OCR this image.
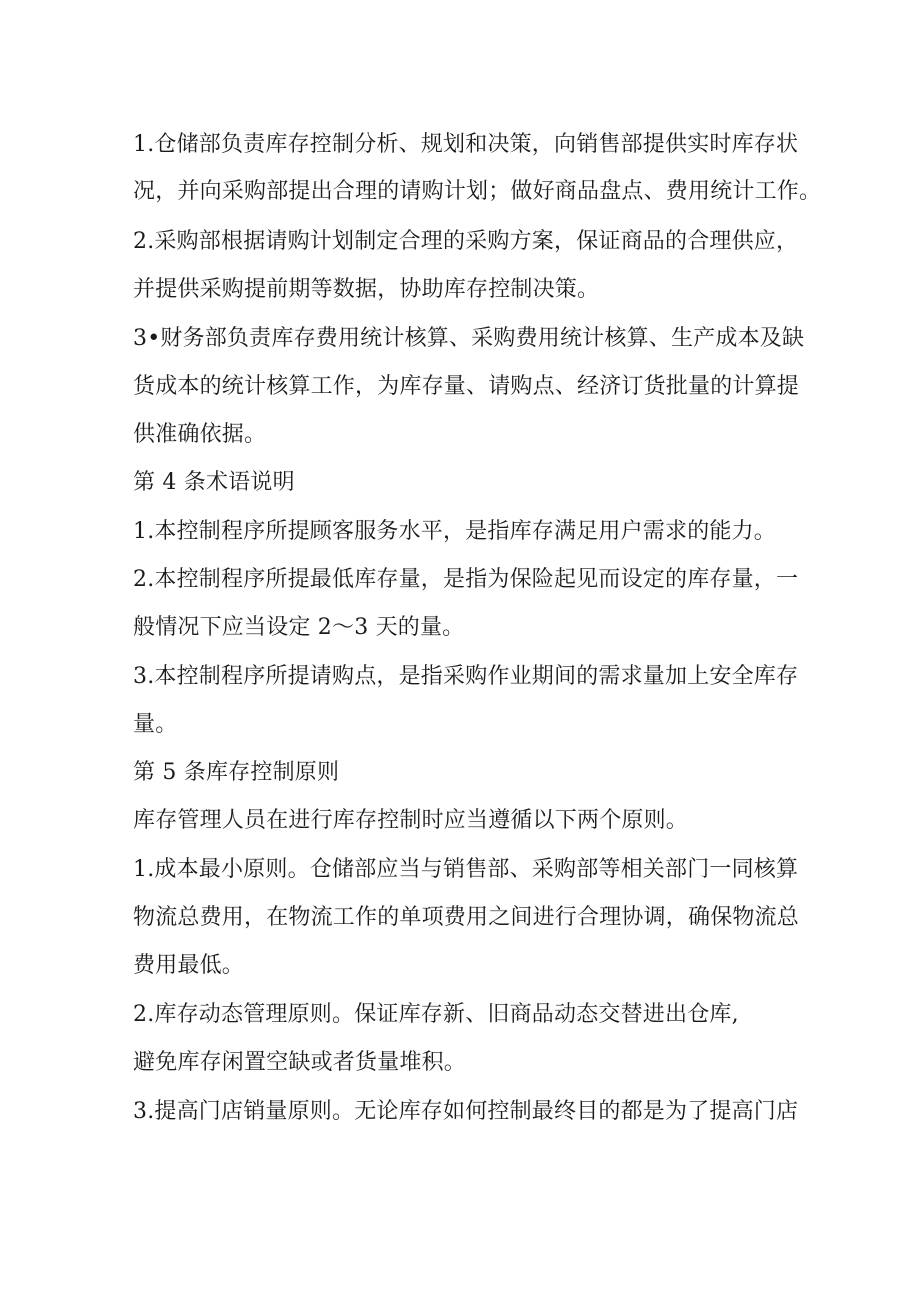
1.仓储部负责库存控制分析、规划和决策，向销售部提供实时库存状
况，并向采购部提出合理的请购计划；做好商品盘点、费用统计工作。
2.采购部根据请购计划制定合理的采购方案，保证商品的合理供应，
并提供采购提前期等数据，协助库存控制决策。
3•财务部负责库存费用统计核算、采购费用统计核算、生产成本及缺
货成本的统计核算工作，为库存量、请购点、经济订货批量的计算提
供准确依据。
第 4 条术语说明
1.本控制程序所提顾客服务水平，是指库存满足用户需求的能力。
2.本控制程序所提最低库存量，是指为保险起见而设定的库存量，一
般情况下应当设定 2～3 天的量。
3.本控制程序所提请购点，是指采购作业期间的需求量加上安全库存
量。
第 5 条库存控制原则
库存管理人员在进行库存控制时应当遵循以下两个原则。
1.成本最小原则。仓储部应当与销售部、采购部等相关部门一同核算
物流总费用，在物流工作的单项费用之间进行合理协调，确保物流总
费用最低。
2.库存动态管理原则。保证库存新、旧商品动态交替进出仓库,
避免库存闲置空缺或者货量堆积。
3.提高门店销量原则。无论库存如何控制最终目的都是为了提高门店
